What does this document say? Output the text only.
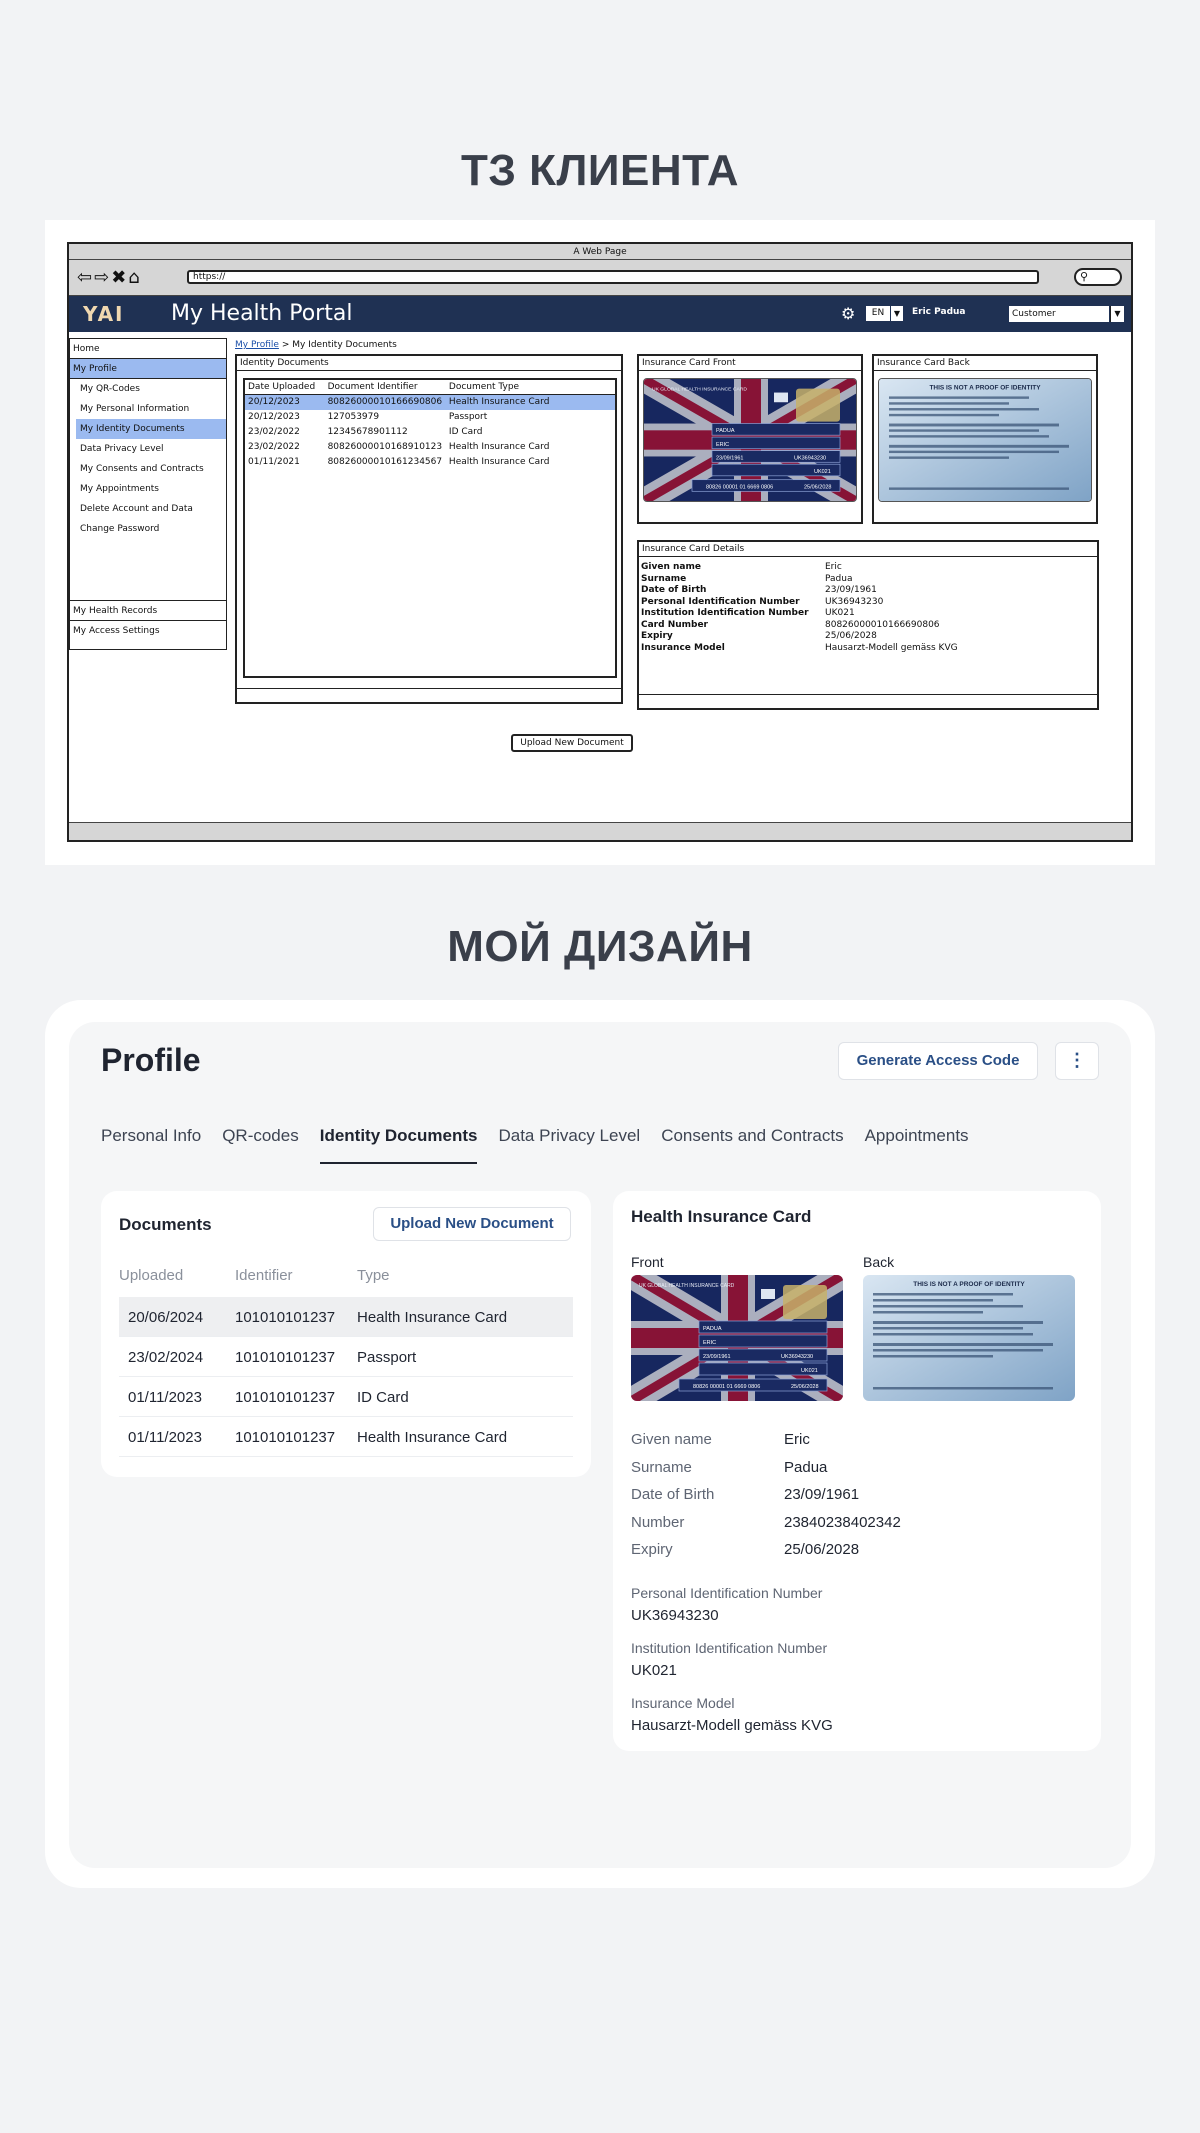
ТЗ КЛИЕНТА
A Web Page
⇦⇨✖⌂	https://	⚲
YAI My Health Portal	⚙	EN	▼	Eric Padua	Customer	▼
Home
My Profile
My QR-Codes
My Personal Information
My Identity Documents
Data Privacy Level
My Consents and Contracts
My Appointments
Delete Account and Data
Change Password
My Health Records
My Access Settings
My Profile > My Identity Documents
Identity Documents
Date Uploaded	Document Identifier	Document Type
20/12/2023	80826000010166690806 Health Insurance Card
20/12/2023	127053979	Passport
23/02/2022	12345678901112	ID Card
23/02/2022	80826000010168910123 Health Insurance Card
01/11/2021	80826000010161234567 Health Insurance Card
Insurance Card Front
UK GLOBAL HEALTH INSURANCE CARD
PADUA
ERIC
23/09/1961	UK36943230
UK021
80826 00001 01 6669 0806	25/06/2028
Insurance Card Back
THIS IS NOT A PROOF OF IDENTITY
Insurance Card Details
Given name	Eric
Surname	Padua
Date of Birth	23/09/1961
Personal Identification Number	UK36943230
Institution Identification Number	UK021
Card Number	80826000010166690806
Expiry	25/06/2028
Insurance Model	Hausarzt-Modell gemäss KVG
Upload New Document
МОЙ ДИЗАЙН
Profile	Generate Access Code	⋮
Personal Info QR-codes Identity Documents Data Privacy Level Consents and Contracts Appointments
Documents	Upload New Document
Uploaded	Identifier	Type
20/06/2024 101010101237 Health Insurance Card
23/02/2024 101010101237 Passport
01/11/2023 101010101237 ID Card
01/11/2023 101010101237 Health Insurance Card
Health Insurance Card
Front	Back
UK GLOBAL HEALTH INSURANCE CARD
PADUA
ERIC
23/09/1961	UK36943230
UK021
80826 00001 01 6669 0806	25/06/2028
THIS IS NOT A PROOF OF IDENTITY
Given name	Eric
Surname	Padua
Date of Birth	23/09/1961
Number	23840238402342
Expiry	25/06/2028
Personal Identification Number
UK36943230
Institution Identification Number
UK021
Insurance Model
Hausarzt-Modell gemäss KVG
